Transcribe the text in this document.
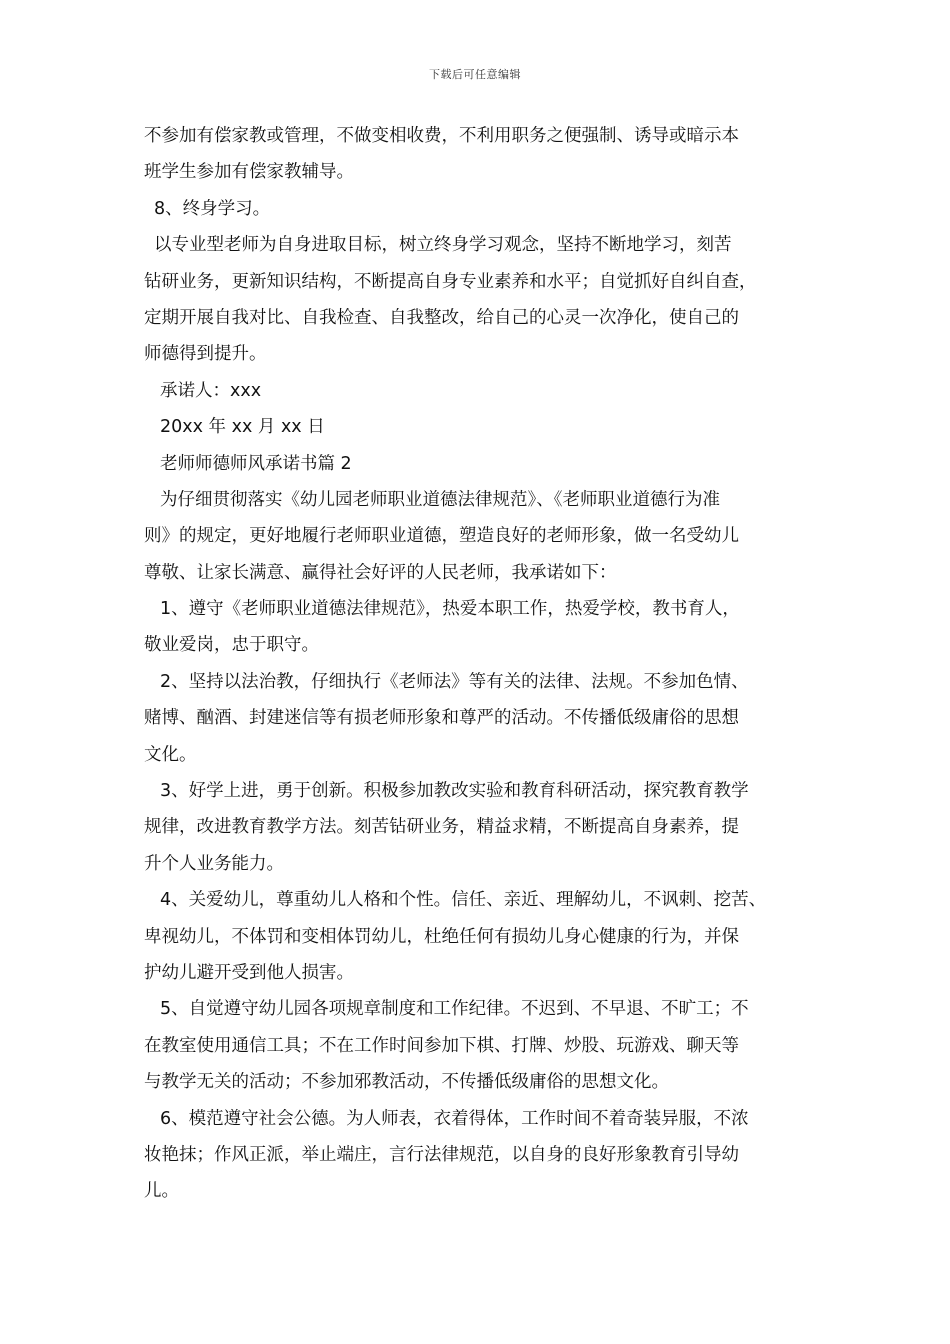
下载后可任意编辑
不参加有偿家教或管理，不做变相收费，不利用职务之便强制、诱导或暗示本
班学生参加有偿家教辅导。
8、终身学习。
以专业型老师为自身进取目标，树立终身学习观念，坚持不断地学习，刻苦
钻研业务，更新知识结构，不断提高自身专业素养和水平；自觉抓好自纠自查，
定期开展自我对比、自我检查、自我整改，给自己的心灵一次净化，使自己的
师德得到提升。
承诺人：xxx
20xx 年 xx 月 xx 日
老师师德师风承诺书篇 2
为仔细贯彻落实《幼儿园老师职业道德法律规范》、《老师职业道德行为准
则》的规定，更好地履行老师职业道德，塑造良好的老师形象，做一名受幼儿
尊敬、让家长满意、赢得社会好评的人民老师，我承诺如下：
1、遵守《老师职业道德法律规范》，热爱本职工作，热爱学校，教书育人，
敬业爱岗，忠于职守。
2、坚持以法治教，仔细执行《老师法》等有关的法律、法规。不参加色情、
赌博、酗酒、封建迷信等有损老师形象和尊严的活动。不传播低级庸俗的思想
文化。
3、好学上进，勇于创新。积极参加教改实验和教育科研活动，探究教育教学
规律，改进教育教学方法。刻苦钻研业务，精益求精，不断提高自身素养，提
升个人业务能力。
4、关爱幼儿，尊重幼儿人格和个性。信任、亲近、理解幼儿，不讽刺、挖苦、
卑视幼儿，不体罚和变相体罚幼儿，杜绝任何有损幼儿身心健康的行为，并保
护幼儿避开受到他人损害。
5、自觉遵守幼儿园各项规章制度和工作纪律。不迟到、不早退、不旷工；不
在教室使用通信工具；不在工作时间参加下棋、打牌、炒股、玩游戏、聊天等
与教学无关的活动；不参加邪教活动，不传播低级庸俗的思想文化。
6、模范遵守社会公德。为人师表，衣着得体，工作时间不着奇装异服，不浓
妆艳抹；作风正派，举止端庄，言行法律规范，以自身的良好形象教育引导幼
儿。
